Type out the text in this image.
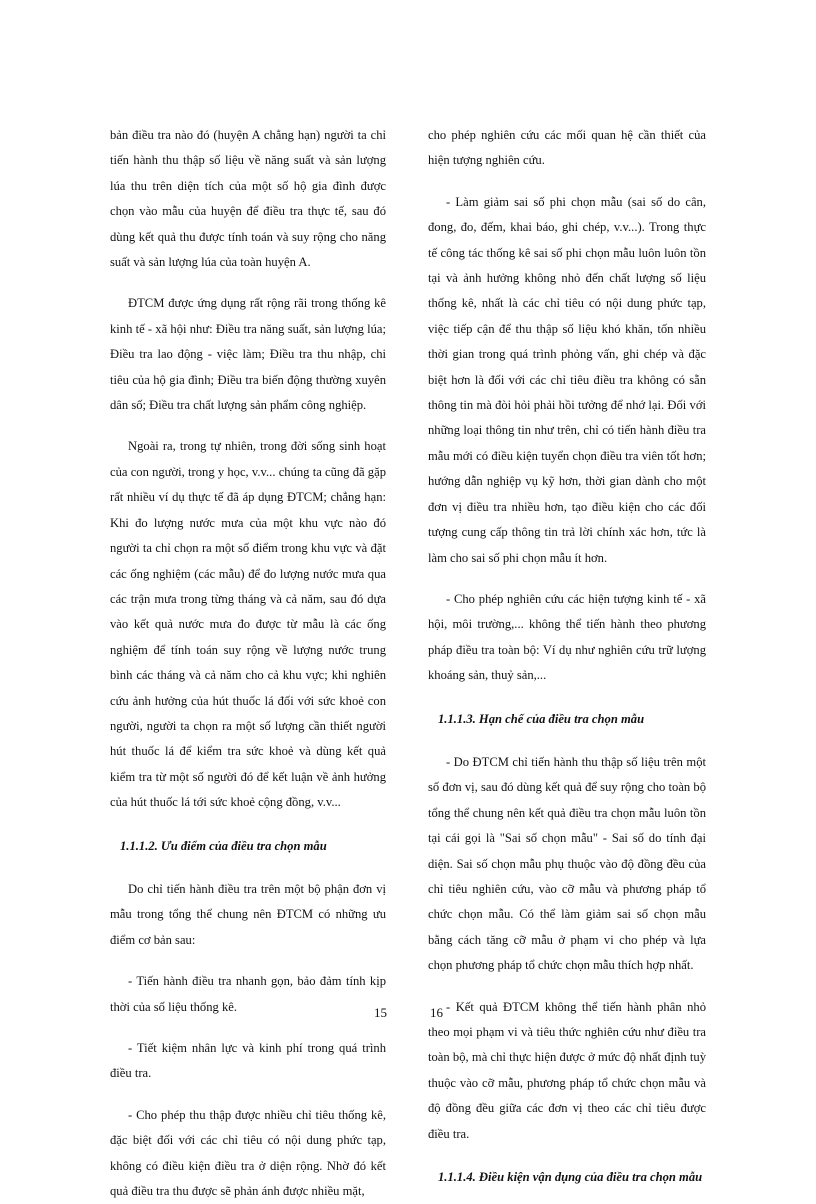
bản điều tra nào đó (huyện A chẳng hạn) người ta chỉ tiến hành thu thập số liệu về năng suất và sản lượng lúa thu trên diện tích của một số hộ gia đình được chọn vào mẫu của huyện để điều tra thực tế, sau đó dùng kết quả thu được tính toán và suy rộng cho năng suất và sản lượng lúa của toàn huyện A.

ĐTCM được ứng dụng rất rộng rãi trong thống kê kinh tế - xã hội như: Điều tra năng suất, sản lượng lúa; Điều tra lao động - việc làm; Điều tra thu nhập, chi tiêu của hộ gia đình; Điều tra biến động thường xuyên dân số; Điều tra chất lượng sản phẩm công nghiệp.

Ngoài ra, trong tự nhiên, trong đời sống sinh hoạt của con người, trong y học, v.v... chúng ta cũng đã gặp rất nhiều ví dụ thực tế đã áp dụng ĐTCM; chẳng hạn: Khi đo lượng nước mưa của một khu vực nào đó người ta chỉ chọn ra một số điểm trong khu vực và đặt các ống nghiệm (các mẫu) để đo lượng nước mưa qua các trận mưa trong từng tháng và cả năm, sau đó dựa vào kết quả nước mưa đo được từ mẫu là các ống nghiệm để tính toán suy rộng về lượng nước trung bình các tháng và cả năm cho cả khu vực; khi nghiên cứu ảnh hưởng của hút thuốc lá đối với sức khoẻ con người, người ta chọn ra một số lượng cần thiết người hút thuốc lá để kiểm tra sức khoẻ và dùng kết quả kiểm tra từ một số người đó để kết luận về ảnh hưởng của hút thuốc lá tới sức khoẻ cộng đồng, v.v...

1.1.1.2. Ưu điểm của điều tra chọn mẫu

Do chỉ tiến hành điều tra trên một bộ phận đơn vị mẫu trong tổng thể chung nên ĐTCM có những ưu điểm cơ bản sau:

- Tiến hành điều tra nhanh gọn, bảo đảm tính kịp thời của số liệu thống kê.

- Tiết kiệm nhân lực và kinh phí trong quá trình điều tra.

- Cho phép thu thập được nhiều chỉ tiêu thống kê, đặc biệt đối với các chỉ tiêu có nội dung phức tạp, không có điều kiện điều tra ở diện rộng. Nhờ đó kết quả điều tra thu được sẽ phản ánh được nhiều mặt,

cho phép nghiên cứu các mối quan hệ cần thiết của hiện tượng nghiên cứu.

- Làm giảm sai số phi chọn mẫu (sai số do cân, đong, đo, đếm, khai báo, ghi chép, v.v...). Trong thực tế công tác thống kê sai số phi chọn mẫu luôn luôn tồn tại và ảnh hưởng không nhỏ đến chất lượng số liệu thống kê, nhất là các chỉ tiêu có nội dung phức tạp, việc tiếp cận để thu thập số liệu khó khăn, tốn nhiều thời gian trong quá trình phỏng vấn, ghi chép và đặc biệt hơn là đối với các chỉ tiêu điều tra không có sẵn thông tin mà đòi hỏi phải hồi tưởng để nhớ lại. Đối với những loại thông tin như trên, chỉ có tiến hành điều tra mẫu mới có điều kiện tuyển chọn điều tra viên tốt hơn; hướng dẫn nghiệp vụ kỹ hơn, thời gian dành cho một đơn vị điều tra nhiều hơn, tạo điều kiện cho các đối tượng cung cấp thông tin trả lời chính xác hơn, tức là làm cho sai số phi chọn mẫu ít hơn.

- Cho phép nghiên cứu các hiện tượng kinh tế - xã hội, môi trường,... không thể tiến hành theo phương pháp điều tra toàn bộ: Ví dụ như nghiên cứu trữ lượng khoáng sản, thuỷ sản,...

1.1.1.3. Hạn chế của điều tra chọn mẫu

- Do ĐTCM chỉ tiến hành thu thập số liệu trên một số đơn vị, sau đó dùng kết quả để suy rộng cho toàn bộ tổng thể chung nên kết quả điều tra chọn mẫu luôn tồn tại cái gọi là "Sai số chọn mẫu" - Sai số do tính đại diện. Sai số chọn mẫu phụ thuộc vào độ đồng đều của chỉ tiêu nghiên cứu, vào cỡ mẫu và phương pháp tổ chức chọn mẫu. Có thể làm giảm sai số chọn mẫu bằng cách tăng cỡ mẫu ở phạm vi cho phép và lựa chọn phương pháp tổ chức chọn mẫu thích hợp nhất.

- Kết quả ĐTCM không thể tiến hành phân nhỏ theo mọi phạm vi và tiêu thức nghiên cứu như điều tra toàn bộ, mà chỉ thực hiện được ở mức độ nhất định tuỳ thuộc vào cỡ mẫu, phương pháp tổ chức chọn mẫu và độ đồng đều giữa các đơn vị theo các chỉ tiêu được điều tra.

1.1.1.4. Điều kiện vận dụng của điều tra chọn mẫu
15	16
